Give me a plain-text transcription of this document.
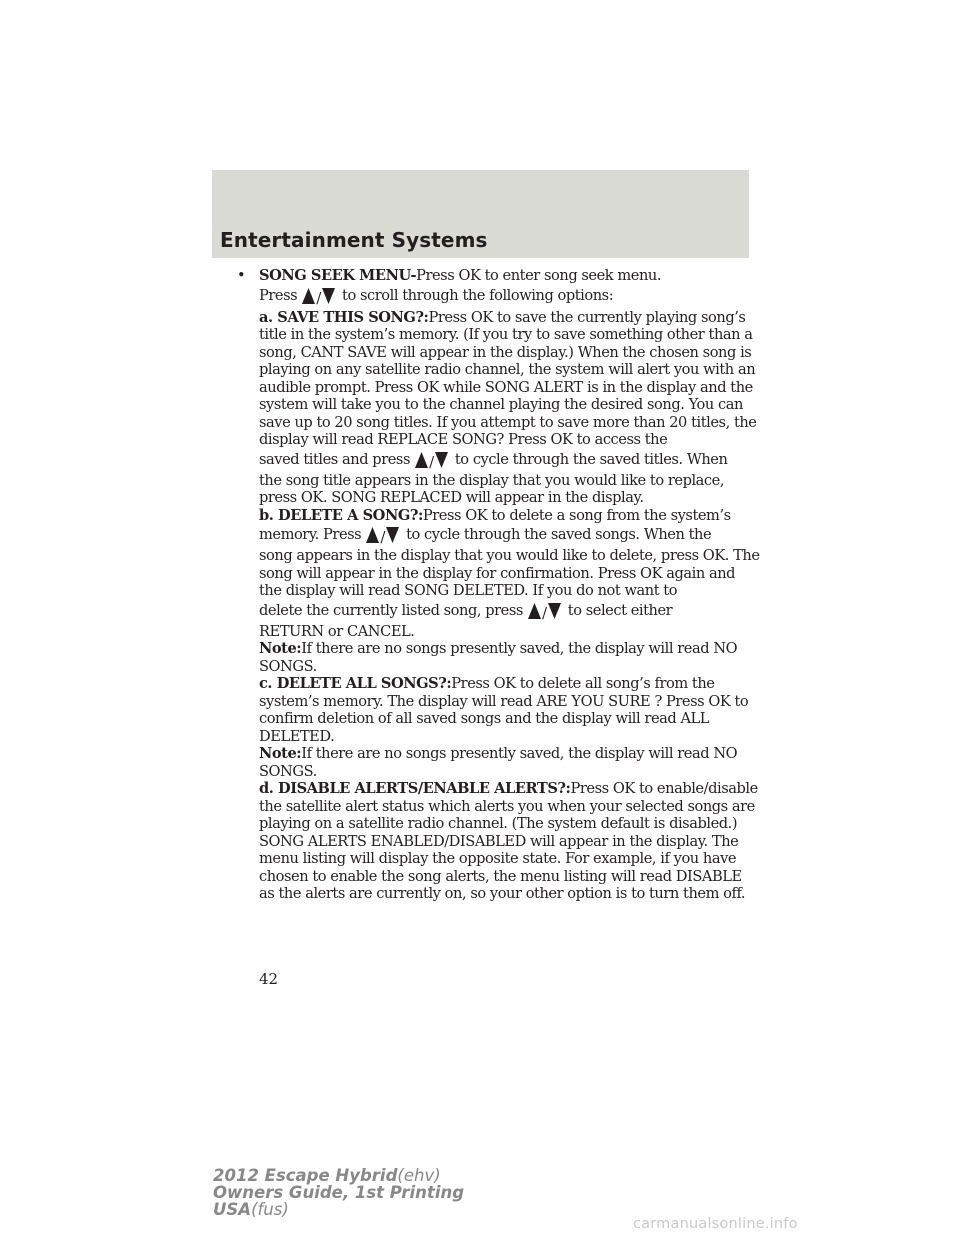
Entertainment Systems
• SONG SEEK MENU-Press OK to enter song seek menu.
Press / to scroll through the following options:

a. SAVE THIS SONG?:Press OK to save the currently playing song’s title in the system’s memory. (If you try to save something other than a song, CANT SAVE will appear in the display.) When the chosen song is playing on any satellite radio channel, the system will alert you with an audible prompt. Press OK while SONG ALERT is in the display and the system will take you to the channel playing the desired song. You can save up to 20 song titles. If you attempt to save more than 20 titles, the display will read REPLACE SONG? Press OK to access the

saved titles and press / to cycle through the saved titles. When

the song title appears in the display that you would like to replace, press OK. SONG REPLACED will appear in the display.

b. DELETE A SONG?:Press OK to delete a song from the system’s

memory. Press / to cycle through the saved songs. When the

song appears in the display that you would like to delete, press OK. The song will appear in the display for confirmation. Press OK again and the display will read SONG DELETED. If you do not want to

delete the currently listed song, press / to select either

RETURN or CANCEL.

Note:If there are no songs presently saved, the display will read NO SONGS.

c. DELETE ALL SONGS?:Press OK to delete all song’s from the system’s memory. The display will read ARE YOU SURE ? Press OK to confirm deletion of all saved songs and the display will read ALL DELETED.

Note:If there are no songs presently saved, the display will read NO SONGS.

d. DISABLE ALERTS/ENABLE ALERTS?:Press OK to enable/disable the satellite alert status which alerts you when your selected songs are playing on a satellite radio channel. (The system default is disabled.) SONG ALERTS ENABLED/DISABLED will appear in the display. The menu listing will display the opposite state. For example, if you have chosen to enable the song alerts, the menu listing will read DISABLE as the alerts are currently on, so your other option is to turn them off.

42
2012 Escape Hybrid(ehv)
Owners Guide, 1st Printing
USA(fus)
carmanualsonline.info
